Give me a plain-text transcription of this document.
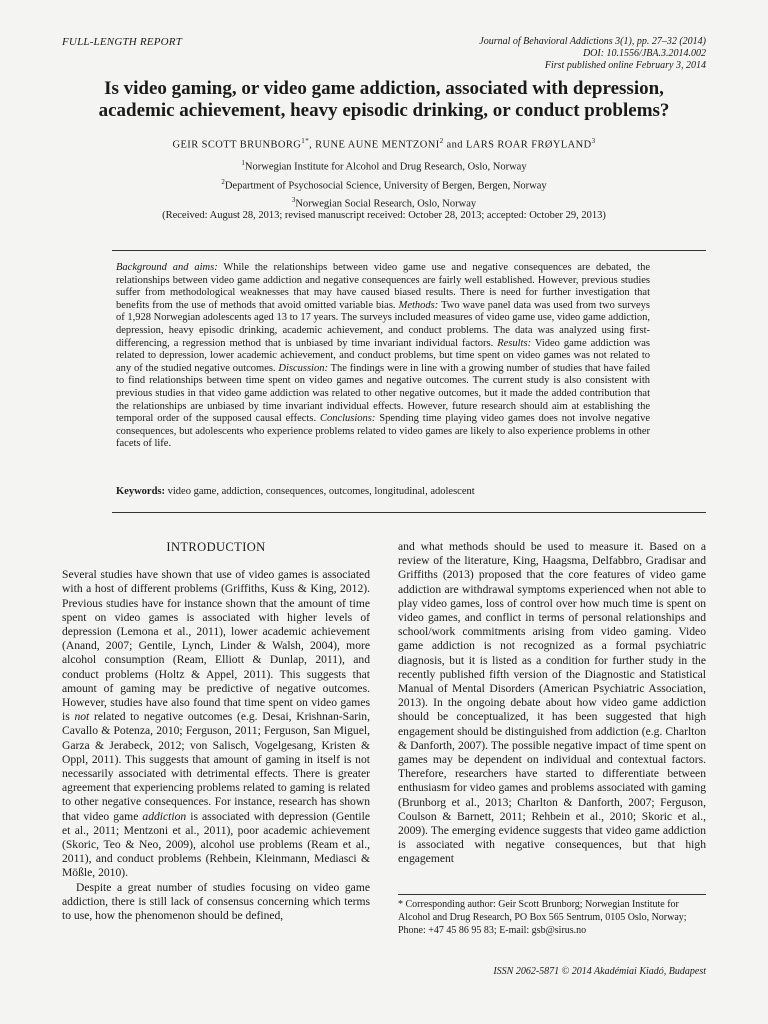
FULL-LENGTH REPORT	Journal of Behavioral Addictions 3(1), pp. 27–32 (2014)
DOI: 10.1556/JBA.3.2014.002
First published online February 3, 2014
Is video gaming, or video game addiction, associated with depression,
academic achievement, heavy episodic drinking, or conduct problems?
GEIR SCOTT $BRUNBORG^{1*}$, RUNE AUNE MENTZONI$^2$ and LARS ROAR FRØYLAND$^3$
$^1$Norwegian Institute for Alcohol and Drug Research, Oslo, Norway
$^2$Department of Psychosocial Science, University of Bergen, Bergen, Norway
$^3$Norwegian Social Research, Oslo, Norway
(Received: August 28, 2013; revised manuscript received: October 28, 2013; accepted: October 29, 2013)
Background and aims: While the relationships between video game use and negative consequences are debated, the relationships between video game addiction and negative consequences are fairly well established. However, previous studies suffer from methodological weaknesses that may have caused biased results. There is need for further investigation that benefits from the use of methods that avoid omitted variable bias. Methods: Two wave panel data was used from two surveys of 1,928 Norwegian adolescents aged 13 to 17 years. The surveys included measures of video game use, video game addiction, depression, heavy episodic drinking, academic achievement, and conduct problems. The data was analyzed using first-differencing, a regression method that is unbiased by time invariant individual factors. Results: Video game addiction was related to depression, lower academic achievement, and conduct problems, but time spent on video games was not related to any of the studied negative outcomes. Discussion: The findings were in line with a growing number of studies that have failed to find relationships between time spent on video games and negative outcomes. The current study is also consistent with previous studies in that video game addiction was related to other negative outcomes, but it made the added contribution that the relationships are unbiased by time invariant individual effects. However, future research should aim at establishing the temporal order of the supposed causal effects. Conclusions: Spending time playing video games does not involve negative consequences, but adolescents who experience problems related to video games are likely to also experience problems in other facets of life.
Keywords: video game, addiction, consequences, outcomes, longitudinal, adolescent
INTRODUCTION

Several studies have shown that use of video games is associated with a host of different problems (Griffiths, Kuss & King, 2012). Previous studies have for instance shown that the amount of time spent on video games is associated with higher levels of depression (Lemona et al., 2011), lower academic achievement (Anand, 2007; Gentile, Lynch, Linder & Walsh, 2004), more alcohol consumption (Ream, Elliott & Dunlap, 2011), and conduct problems (Holtz & Appel, 2011). This suggests that amount of gaming may be predictive of negative outcomes. However, studies have also found that time spent on video games is not related to negative outcomes (e.g. Desai, Krishnan-Sarin, Cavallo & Potenza, 2010; Ferguson, 2011; Ferguson, San Miguel, Garza & Jerabeck, 2012; von Salisch, Vogelgesang, Kristen & Oppl, 2011). This suggests that amount of gaming in itself is not necessarily associated with detrimental effects. There is greater agreement that experiencing problems related to gaming is related to other negative consequences. For instance, research has shown that video game addiction is associated with depression (Gentile et al., 2011; Mentzoni et al., 2011), poor academic achievement (Skoric, Teo & Neo, 2009), alcohol use problems (Ream et al., 2011), and conduct problems (Rehbein, Kleinmann, Mediasci & Mößle, 2010).

Despite a great number of studies focusing on video game addiction, there is still lack of consensus concerning which terms to use, how the phenomenon should be defined,

and what methods should be used to measure it. Based on a review of the literature, King, Haagsma, Delfabbro, Gradisar and Griffiths (2013) proposed that the core features of video game addiction are withdrawal symptoms experienced when not able to play video games, loss of control over how much time is spent on video games, and conflict in terms of personal relationships and school/work commitments arising from video gaming. Video game addiction is not recognized as a formal psychiatric diagnosis, but it is listed as a condition for further study in the recently published fifth version of the Diagnostic and Statistical Manual of Mental Disorders (American Psychiatric Association, 2013). In the ongoing debate about how video game addiction should be conceptualized, it has been suggested that high engagement should be distinguished from addiction (e.g. Charlton & Danforth, 2007). The possible negative impact of time spent on games may be dependent on individual and contextual factors. Therefore, researchers have started to differentiate between enthusiasm for video games and problems associated with gaming (Brunborg et al., 2013; Charlton & Danforth, 2007; Ferguson, Coulson & Barnett, 2011; Rehbein et al., 2010; Skoric et al., 2009). The emerging evidence suggests that video game addiction is associated with negative consequences, but that high engagement

* Corresponding author: Geir Scott Brunborg; Norwegian Institute for Alcohol and Drug Research, PO Box 565 Sentrum, 0105 Oslo, Norway; Phone: +47 45 86 95 83; E-mail: gsb@sirus.no
ISSN 2062-5871 © 2014 Akadémiai Kiadó, Budapest
